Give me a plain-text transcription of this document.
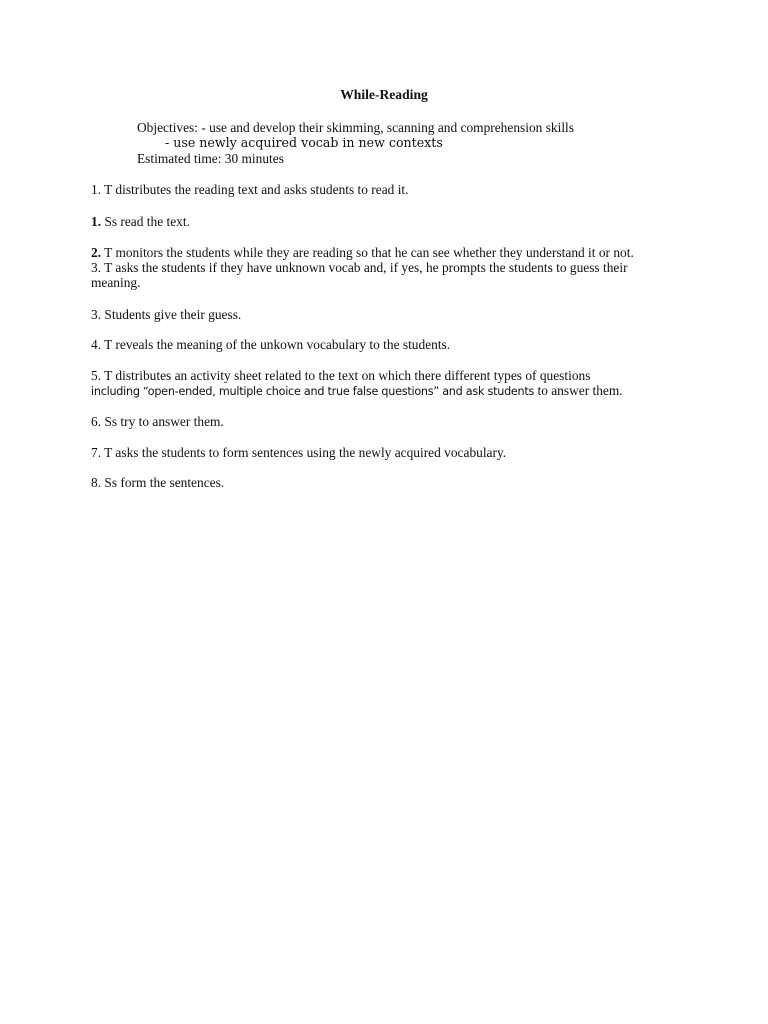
While-Reading
Objectives: - use and develop their skimming, scanning and comprehension skills
- use newly acquired vocab in new contexts
Estimated time: 30 minutes

1. T distributes the reading text and asks students to read it.

1. Ss read the text.

2. T monitors the students while they are reading so that he can see whether they understand it or not.
3. T asks the students if they have unknown vocab and, if yes, he prompts the students to guess their
meaning.

3. Students give their guess.

4. T reveals the meaning of the unkown vocabulary to the students.

5. T distributes an activity sheet related to the text on which there different types of questions
including “open-ended, multiple choice and true false questions” and ask students to answer them.

6. Ss try to answer them.

7. T asks the students to form sentences using the newly acquired vocabulary.

8. Ss form the sentences.
